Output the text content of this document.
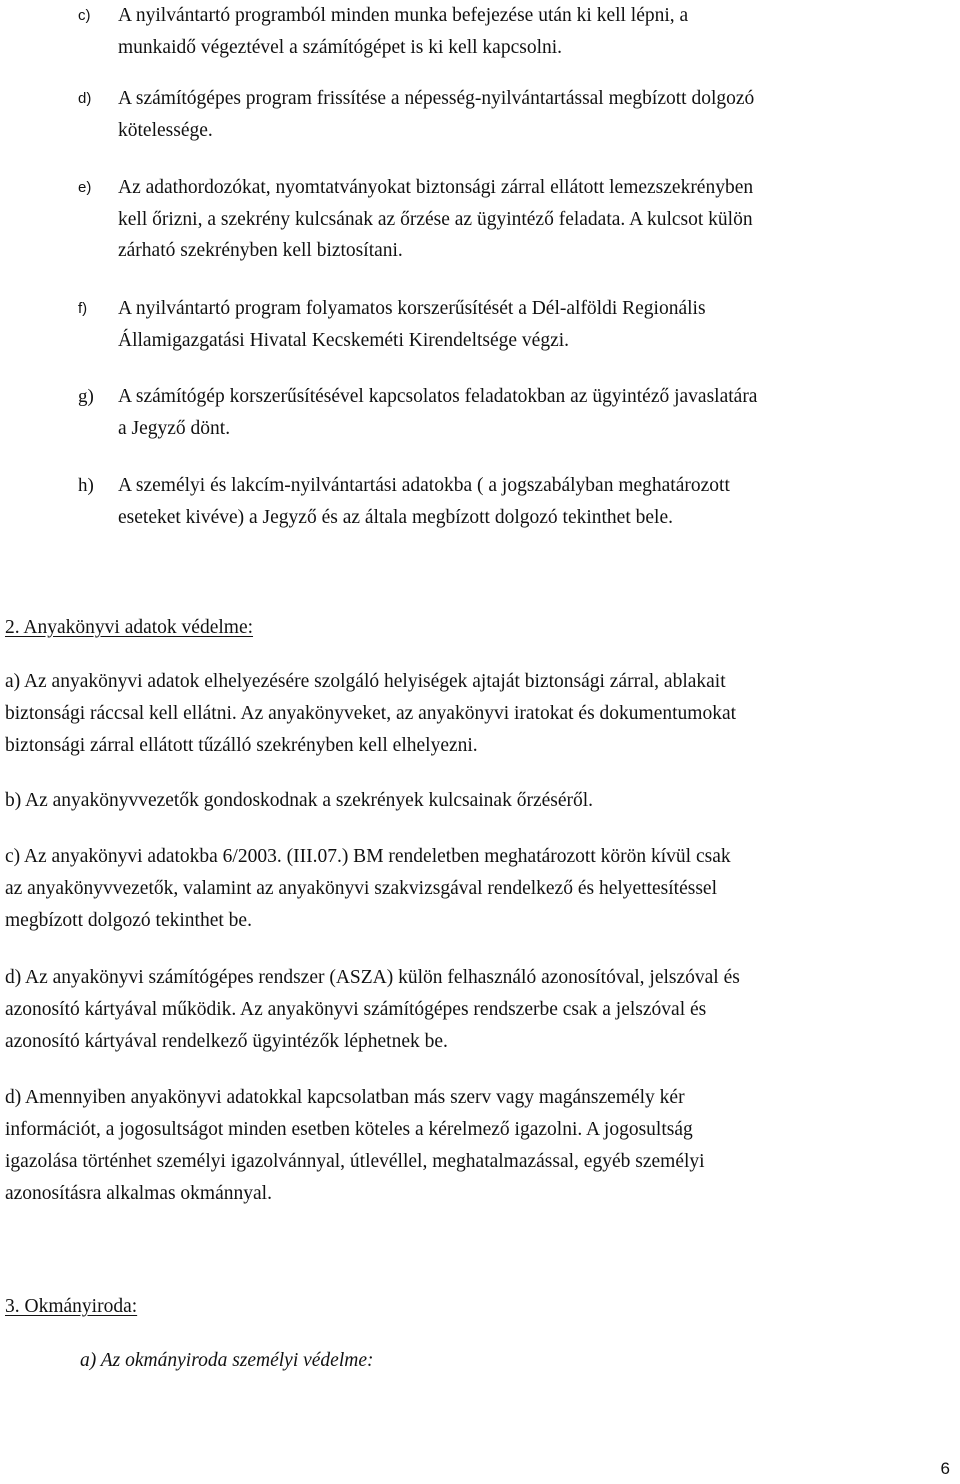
c) A nyilvántartó programból minden munka befejezése után ki kell lépni, a
munkaidő végeztével a számítógépet is ki kell kapcsolni.
d) A számítógépes program frissítése a népesség-nyilvántartással megbízott dolgozó
kötelessége.
e) Az adathordozókat, nyomtatványokat biztonsági zárral ellátott lemezszekrényben
kell őrizni, a szekrény kulcsának az őrzése az ügyintéző feladata. A kulcsot külön
zárható szekrényben kell biztosítani.
f) A nyilvántartó program folyamatos korszerűsítését a Dél-alföldi Regionális
Államigazgatási Hivatal Kecskeméti Kirendeltsége végzi.
g) A számítógép korszerűsítésével kapcsolatos feladatokban az ügyintéző javaslatára
a Jegyző dönt.
h) A személyi és lakcím-nyilvántartási adatokba ( a jogszabályban meghatározott
eseteket kivéve) a Jegyző és az általa megbízott dolgozó tekinthet bele.
2. Anyakönyvi adatok védelme:
a) Az anyakönyvi adatok elhelyezésére szolgáló helyiségek ajtaját biztonsági zárral, ablakait
biztonsági ráccsal kell ellátni. Az anyakönyveket, az anyakönyvi iratokat és dokumentumokat
biztonsági zárral ellátott tűzálló szekrényben kell elhelyezni.
b) Az anyakönyvvezetők gondoskodnak a szekrények kulcsainak őrzéséről.
c) Az anyakönyvi adatokba 6/2003. (III.07.) BM rendeletben meghatározott körön kívül csak
az anyakönyvvezetők, valamint az anyakönyvi szakvizsgával rendelkező és helyettesítéssel
megbízott dolgozó tekinthet be.
d) Az anyakönyvi számítógépes rendszer (ASZA) külön felhasználó azonosítóval, jelszóval és
azonosító kártyával működik. Az anyakönyvi számítógépes rendszerbe csak a jelszóval és
azonosító kártyával rendelkező ügyintézők léphetnek be.
d) Amennyiben anyakönyvi adatokkal kapcsolatban más szerv vagy magánszemély kér
információt, a jogosultságot minden esetben köteles a kérelmező igazolni. A jogosultság
igazolása történhet személyi igazolvánnyal, útlevéllel, meghatalmazással, egyéb személyi
azonosításra alkalmas okmánnyal.
3. Okmányiroda:
a) Az okmányiroda személyi védelme:
6
